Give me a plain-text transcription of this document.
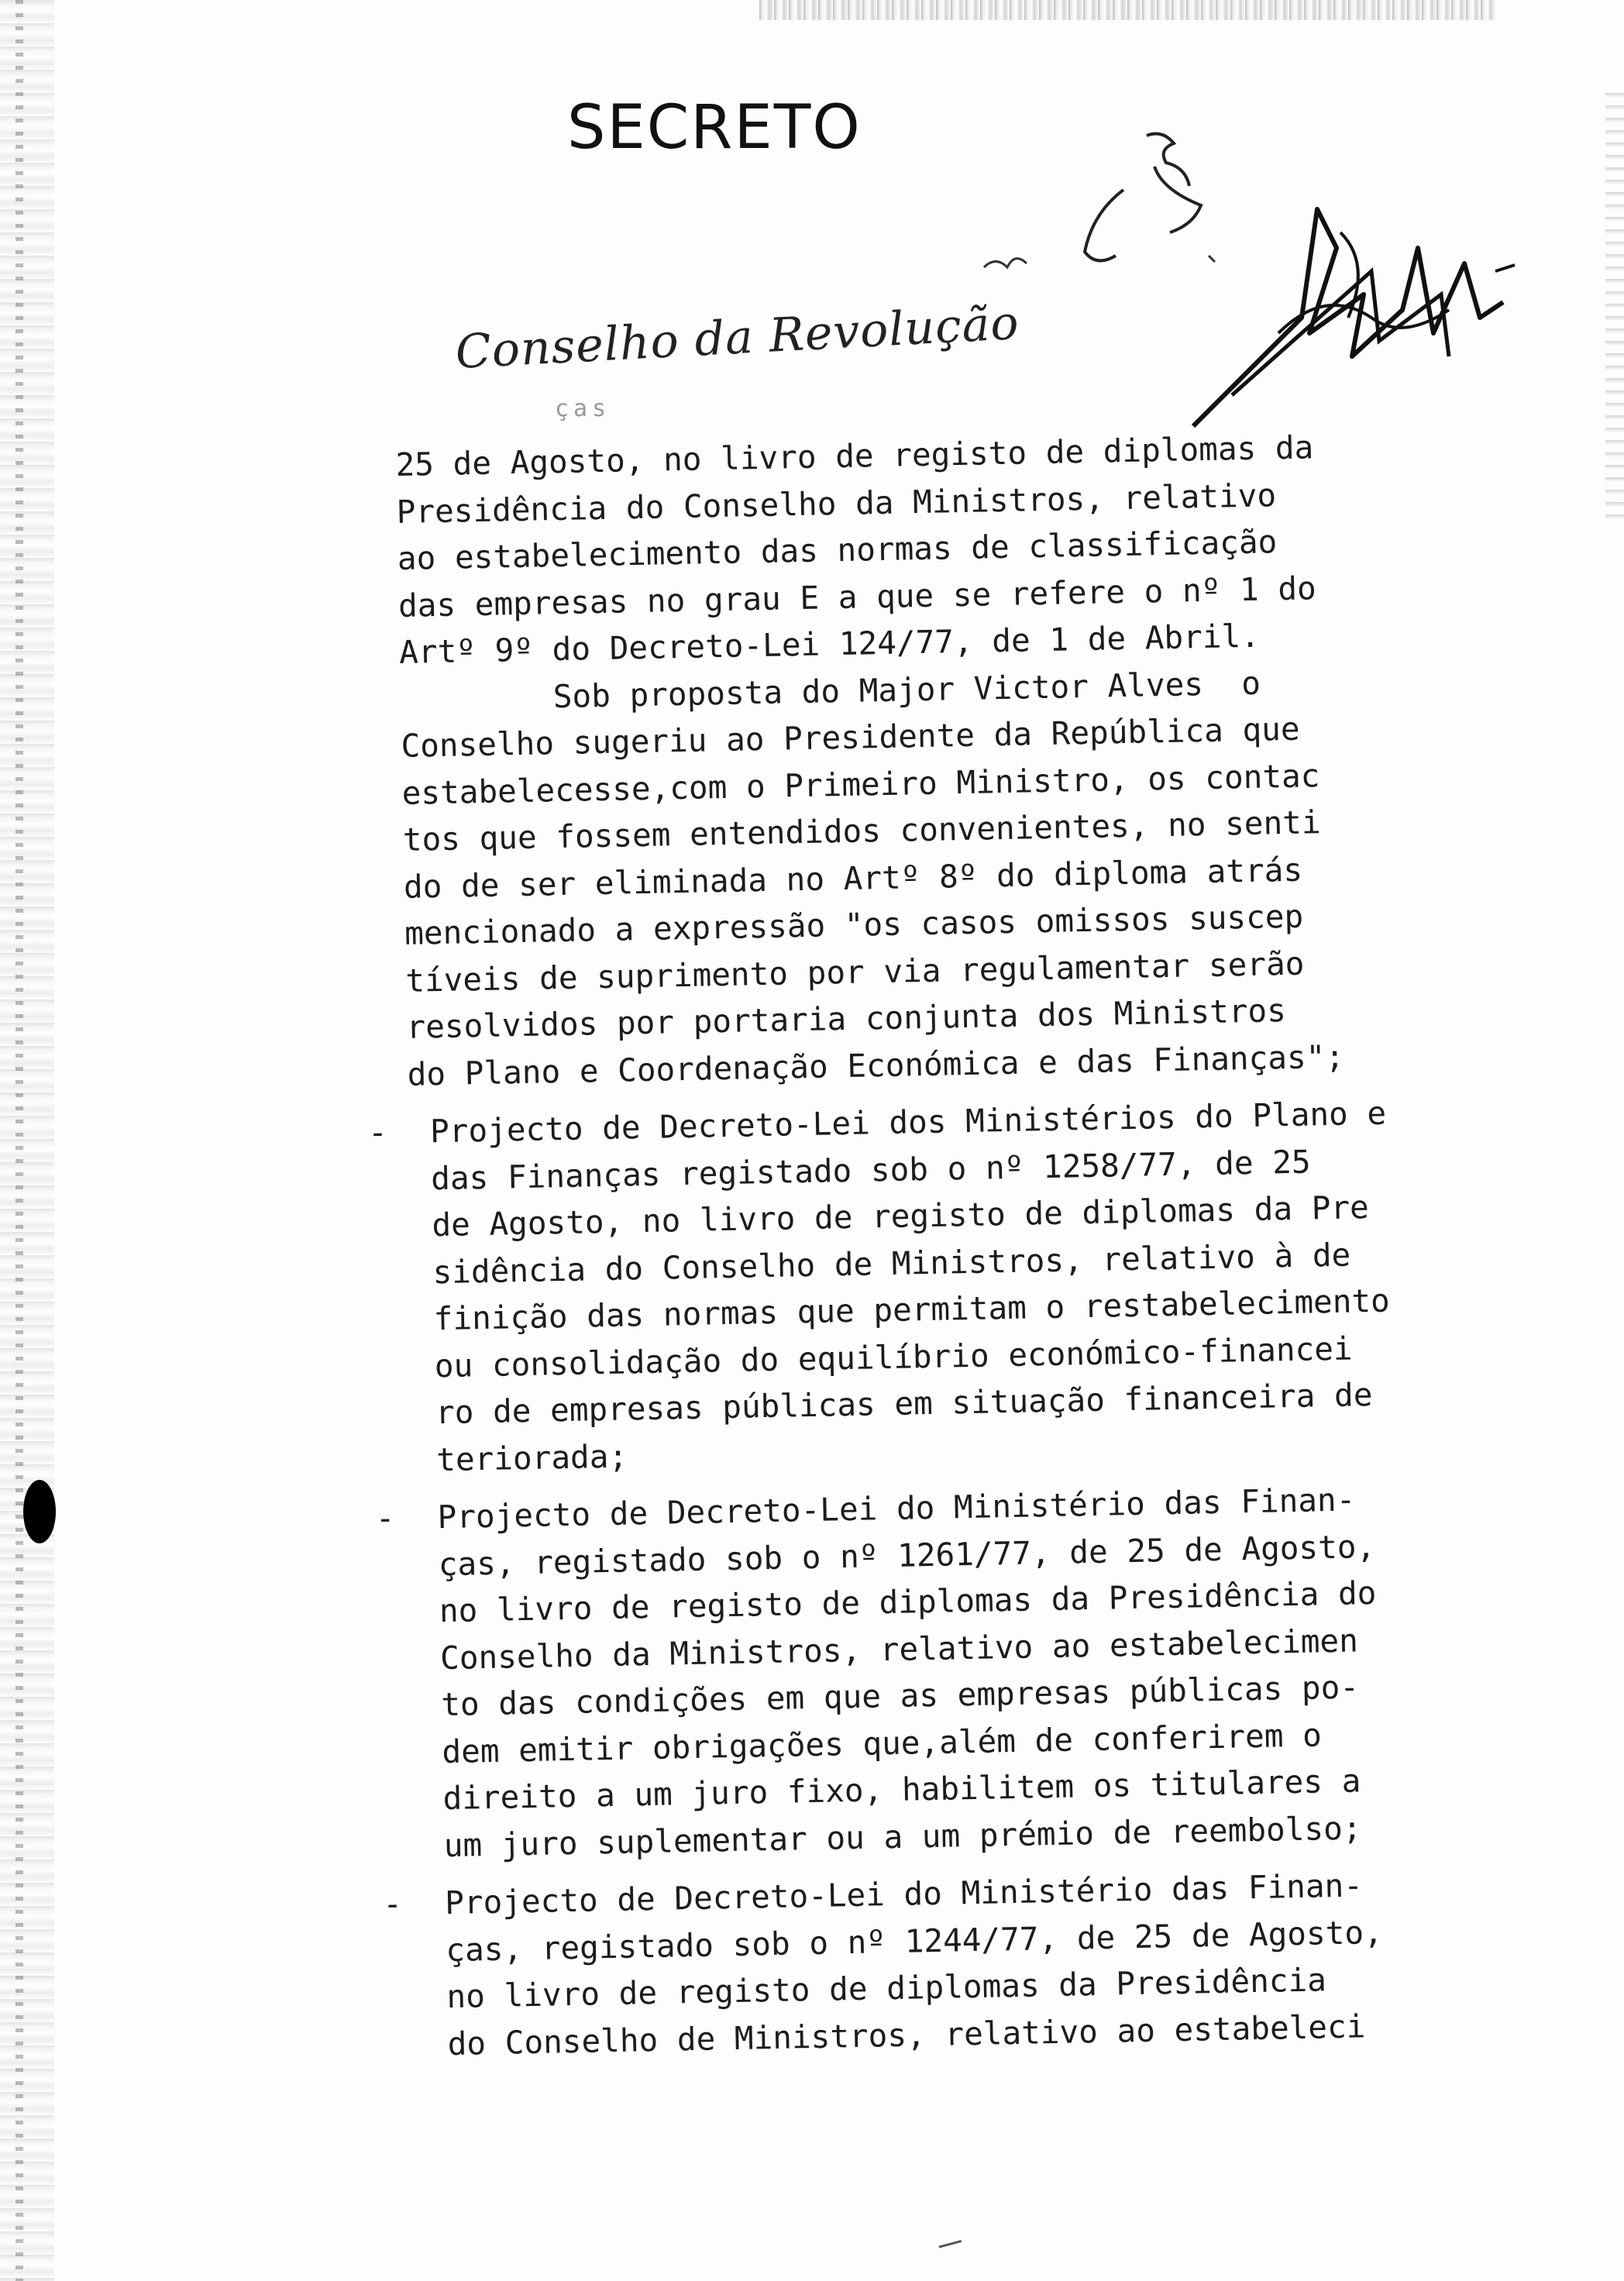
SECRETO
Conselho da Revolução
ças
25 de Agosto, no livro de registo de diplomas da
Presidência do Conselho da Ministros, relativo
ao estabelecimento das normas de classificação
das empresas no grau E a que se refere o nº 1 do
Artº 9º do Decreto-Lei 124/77, de 1 de Abril.
Sob proposta do Major Victor Alves  o
Conselho sugeriu ao Presidente da República que
estabelecesse,com o Primeiro Ministro, os contac
tos que fossem entendidos convenientes, no senti
do de ser eliminada no Artº 8º do diploma atrás
mencionado a expressão "os casos omissos suscep
tíveis de suprimento por via regulamentar serão
resolvidos por portaria conjunta dos Ministros
do Plano e Coordenação Económica e das Finanças";
- Projecto de Decreto-Lei dos Ministérios do Plano e
das Finanças registado sob o nº 1258/77, de 25
de Agosto, no livro de registo de diplomas da Pre
sidência do Conselho de Ministros, relativo à de
finição das normas que permitam o restabelecimento
ou consolidação do equilíbrio económico-financei
ro de empresas públicas em situação financeira de
teriorada;
- Projecto de Decreto-Lei do Ministério das Finan-
ças, registado sob o nº 1261/77, de 25 de Agosto,
no livro de registo de diplomas da Presidência do
Conselho da Ministros, relativo ao estabelecimen
to das condições em que as empresas públicas po-
dem emitir obrigações que,além de conferirem o
direito a um juro fixo, habilitem os titulares a
um juro suplementar ou a um prémio de reembolso;
- Projecto de Decreto-Lei do Ministério das Finan-
ças, registado sob o nº 1244/77, de 25 de Agosto,
no livro de registo de diplomas da Presidência
do Conselho de Ministros, relativo ao estabeleci
